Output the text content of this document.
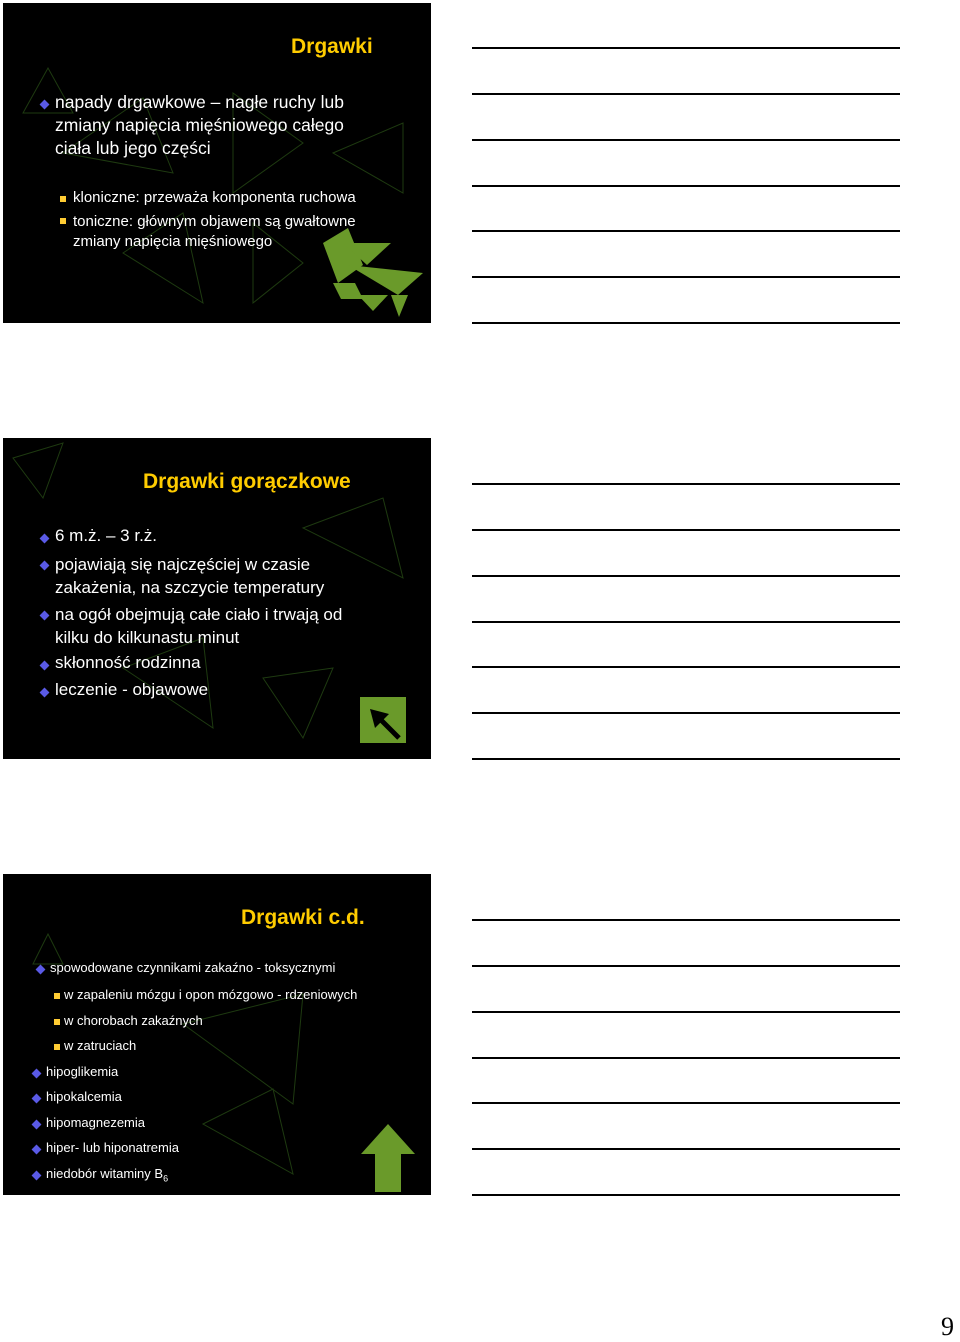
Drgawki
napady drgawkowe – nagłe ruchy lub
zmiany napięcia mięśniowego całego
ciała lub jego części
kloniczne: przeważa komponenta ruchowa
toniczne: głównym objawem są gwałtowne
zmiany napięcia mięśniowego
Drgawki gorączkowe
6 m.ż. – 3 r.ż.
pojawiają się najczęściej w czasie
zakażenia, na szczycie temperatury
na ogół obejmują całe ciało i trwają od
kilku do kilkunastu minut
skłonność rodzinna
leczenie - objawowe
Drgawki c.d.
spowodowane czynnikami zakaźno - toksycznymi
w zapaleniu mózgu i opon mózgowo - rdzeniowych
w chorobach zakaźnych
w zatruciach
hipoglikemia
hipokalcemia
hipomagnezemia
hiper- lub hiponatremia
niedobór witaminy $B_6$
9
